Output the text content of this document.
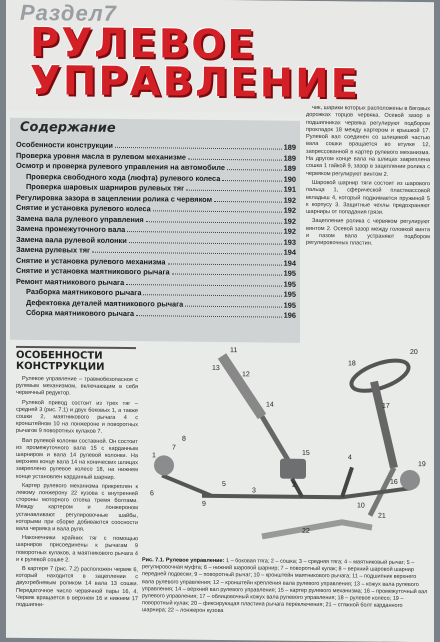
Раздел7
РУЛЕВОЕ
УПРАВЛЕНИЕ
Содержание
Особенности конструкции	189
Проверка уровня масла в рулевом механизме	189
Осмотр и проверка рулевого управления на автомобиле	189
Проверка свободного хода (люфта) рулевого колеса	190
Проверка шаровых шарниров рулевых тяг	191
Регулировка зазора в зацеплении ролика с червяком	192
Снятие и установка рулевого колеса	192
Замена вала рулевого управления	192
Замена промежуточного вала	192
Замена вала рулевой колонки	193
Замена рулевых тяг	194
Снятие и установка рулевого механизма	194
Снятие и установка маятникового рычага	195
Ремонт маятникового рычага	195
Разборка маятникового рычага	195
Дефектовка деталей маятникового рычага	195
Сборка маятникового рычага	196

чик, шарики которых расположены в беговых дорожках торцов червяка. Осевой зазор в подшипниках червяка регулируют подбором прокладок 18 между картером и крышкой 17. Рулевой вал соединен со шлицевой частью вала сошки вращается во втулке 12, запрессованной в картер рулевого механизма. На другом конце вала на шлицах закреплена сошка 1 гайкой 9, зазор в зацеплении ролика с червяком регулируют винтом 2.

Шаровой шарнир тяги состоит из шарового пальца 1, сферической пластмассовой вкладыш 4, который поджимается пружиной 5 к корпусу 3. Защитные чехлы предохраняют шарниры от попадания грязи.

Зацепление ролика с червяком регулируют винтом 2. Осевой зазор между головкой винта и пазом вала устраняют подбором регулировочных пластин.

ОСОБЕННОСТИ
КОНСТРУКЦИИ

Рулевое управление – травмобезопасное с рулевым механизмом, включающим в себя червячный редуктор.

Рулевой привод состоит из трех тяг – средней 3 (рис. 7.1) и двух боковых 1, а также сошки 2, маятникового рычага 4 с кронштейном 10 на лонжероне и поворотных рычагов 9 поворотных кулаков 7.

Вал рулевой колонки составной. Он состоит из промежуточного вала 15 с карданным шарниром и вала 14 рулевой колонки. На верхнем конце вала 14 на конических шлицах закреплено рулевое колесо 18, на нижнем конце установлен карданный шарнир.

Картер рулевого механизма прикреплен к левому лонжерону 22 кузова с внутренней стороны моторного отсека тремя болтами. Между картером и лонжероном устанавливают регулировочные шайбы, которыми при сборке добиваются соосности вала червяка и вала руля.

Наконечники крайних тяг с помощью шарниров присоединены к рычагам 9 поворотных кулаков, а маятникового рычага 4 и к рулевой сошке 2.

В картере 7 (рис. 7.2) расположен червяк 6, который находится в зацеплении с двухгребневым роликом 14 вала 13 сошки. Передаточное число червячной пары 16, 4. Червяк вращается в верхнем 16 и нижнем 17 подшипни-

1
2
3
4
5
6
7
8
9	10
11
12
13
14
15
16
17
18
19
20
21
22
Рис. 7.1. Рулевое управление: 1 – боковая тяга; 2 – сошка; 3 – средняя тяга; 4 – маятниковый рычаг; 5 – регулировочная муфта; 6 – нижний шаровой шарнир; 7 – поворотный кулак; 8 – верхний шаровой шарнир передней подвески; 9 – поворотный рычаг; 10 – кронштейн маятникового рычага; 11 – подшипник верхнего вала рулевого управления; 12 – кронштейн крепления вала рулевого управления; 13 – кожух вала рулевого управления; 14 – верхний вал рулевого управления; 15 – картер рулевого механизма; 16 – промежуточный вал рулевого управления; 17 – облицовочный кожух вала рулевого управления; 18 – рулевое колесо; 19 – поворотный кулак; 20 – фиксирующая пластина рычага переключения; 21 – стяжной болт карданного шарнира; 22 – лонжерон кузова
